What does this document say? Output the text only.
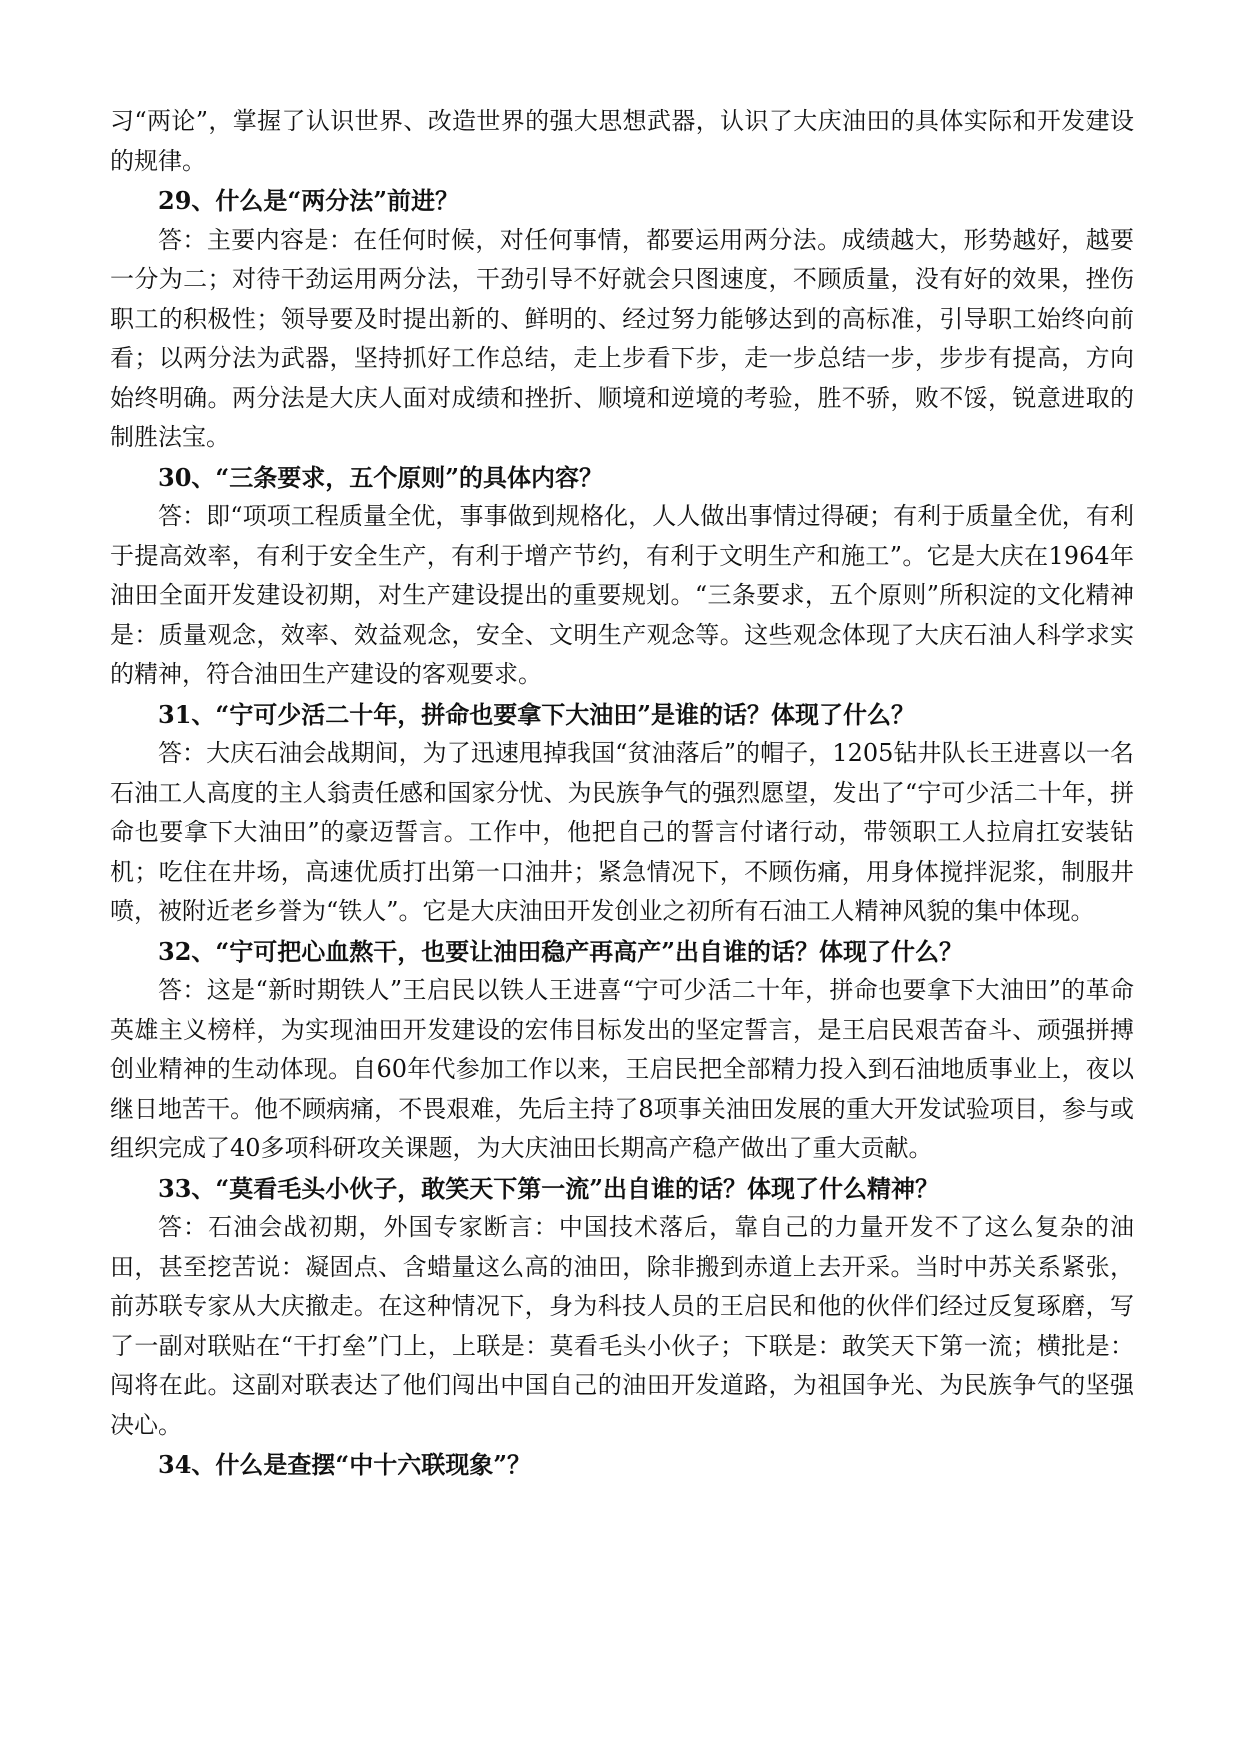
习“两论”，掌握了认识世界、改造世界的强大思想武器，认识了大庆油田的具体实际和开发建设的规律。

29、什么是“两分法”前进？

答：主要内容是：在任何时候，对任何事情，都要运用两分法。成绩越大，形势越好，越要一分为二；对待干劲运用两分法，干劲引导不好就会只图速度，不顾质量，没有好的效果，挫伤职工的积极性；领导要及时提出新的、鲜明的、经过努力能够达到的高标准，引导职工始终向前看；以两分法为武器，坚持抓好工作总结，走上步看下步，走一步总结一步，步步有提高，方向始终明确。两分法是大庆人面对成绩和挫折、顺境和逆境的考验，胜不骄，败不馁，锐意进取的制胜法宝。

30、“三条要求，五个原则”的具体内容？

答：即“项项工程质量全优，事事做到规格化，人人做出事情过得硬；有利于质量全优，有利于提高效率，有利于安全生产，有利于增产节约，有利于文明生产和施工”。它是大庆在1964年油田全面开发建设初期，对生产建设提出的重要规划。“三条要求，五个原则”所积淀的文化精神是：质量观念，效率、效益观念，安全、文明生产观念等。这些观念体现了大庆石油人科学求实的精神，符合油田生产建设的客观要求。

31、“宁可少活二十年，拼命也要拿下大油田”是谁的话？体现了什么？

答：大庆石油会战期间，为了迅速甩掉我国“贫油落后”的帽子，1205钻井队长王进喜以一名石油工人高度的主人翁责任感和国家分忧、为民族争气的强烈愿望，发出了“宁可少活二十年，拼命也要拿下大油田”的豪迈誓言。工作中，他把自己的誓言付诸行动，带领职工人拉肩扛安装钻机；吃住在井场，高速优质打出第一口油井；紧急情况下，不顾伤痛，用身体搅拌泥浆，制服井喷，被附近老乡誉为“铁人”。它是大庆油田开发创业之初所有石油工人精神风貌的集中体现。

32、“宁可把心血熬干，也要让油田稳产再高产”出自谁的话？体现了什么？

答：这是“新时期铁人”王启民以铁人王进喜“宁可少活二十年，拼命也要拿下大油田”的革命英雄主义榜样，为实现油田开发建设的宏伟目标发出的坚定誓言，是王启民艰苦奋斗、顽强拼搏创业精神的生动体现。自60年代参加工作以来，王启民把全部精力投入到石油地质事业上，夜以继日地苦干。他不顾病痛，不畏艰难，先后主持了8项事关油田发展的重大开发试验项目，参与或组织完成了40多项科研攻关课题，为大庆油田长期高产稳产做出了重大贡献。

33、“莫看毛头小伙子，敢笑天下第一流”出自谁的话？体现了什么精神？

答：石油会战初期，外国专家断言：中国技术落后，靠自己的力量开发不了这么复杂的油田，甚至挖苦说：凝固点、含蜡量这么高的油田，除非搬到赤道上去开采。当时中苏关系紧张，前苏联专家从大庆撤走。在这种情况下，身为科技人员的王启民和他的伙伴们经过反复琢磨，写了一副对联贴在“干打垒”门上，上联是：莫看毛头小伙子；下联是：敢笑天下第一流；横批是：闯将在此。这副对联表达了他们闯出中国自己的油田开发道路，为祖国争光、为民族争气的坚强决心。

34、什么是查摆“中十六联现象”？
